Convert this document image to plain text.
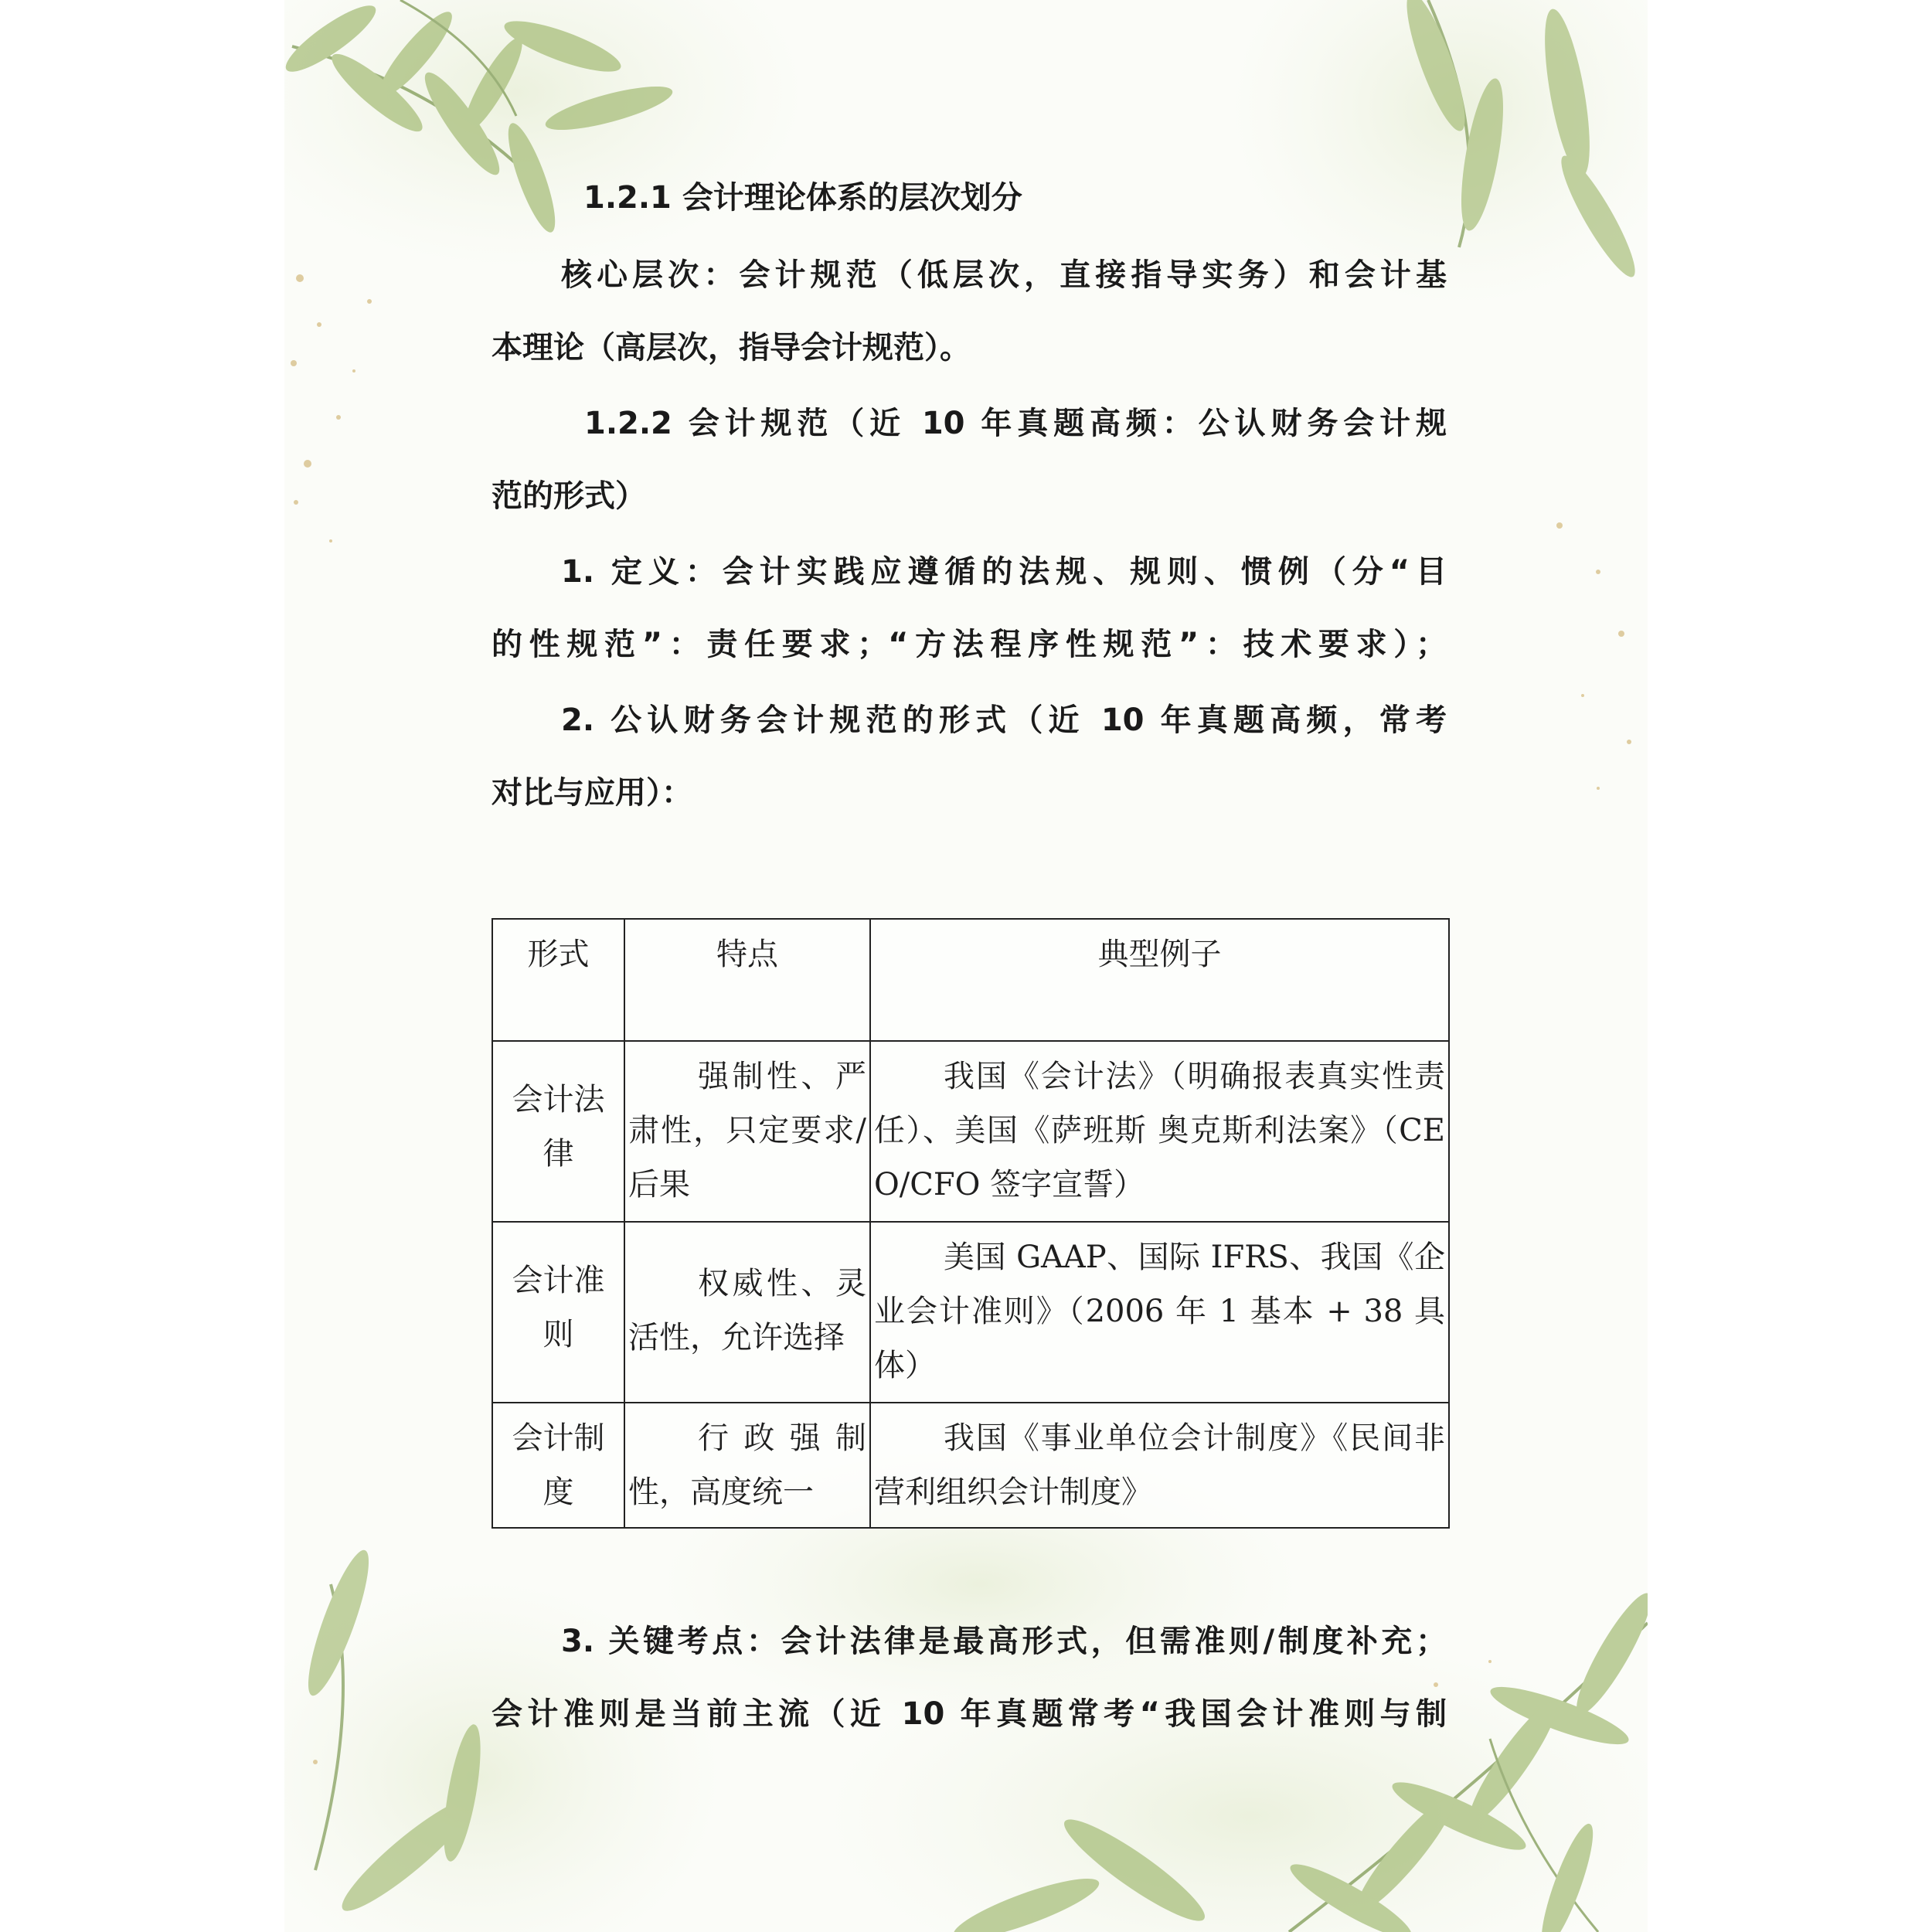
1.2.1 会计理论体系的层次划分

核心层次：会计规范（低层次，直接指导实务）和会计基

本理论（高层次，指导会计规范）。

1.2.2 会计规范（近 10 年真题高频：公认财务会计规

范的形式）

1. 定义：会计实践应遵循的法规、规则、惯例（分“目

的性规范”：责任要求；“方法程序性规范”：技术要求）；

2. 公认财务会计规范的形式（近 10 年真题高频，常考

对比与应用）：

形式	特点	典型例子

会计法律	强制性、严肃性，只定要求/ 后果	我国《会计法》（明确报表真实性责任）、美国《萨班斯 奥克斯利法案》（CEO/CFO 签字宣誓）

会计准则	权威性、灵活性，允许选择	美国 GAAP、国际 IFRS、我国《企业会计准则》（2006 年 1 基本 + 38 具体）

会计制度	行政强制性，高度统一	我国《事业单位会计制度》《民间非营利组织会计制度》

3. 关键考点：会计法律是最高形式，但需准则/制度补充；

会计准则是当前主流（近 10 年真题常考“我国会计准则与制
